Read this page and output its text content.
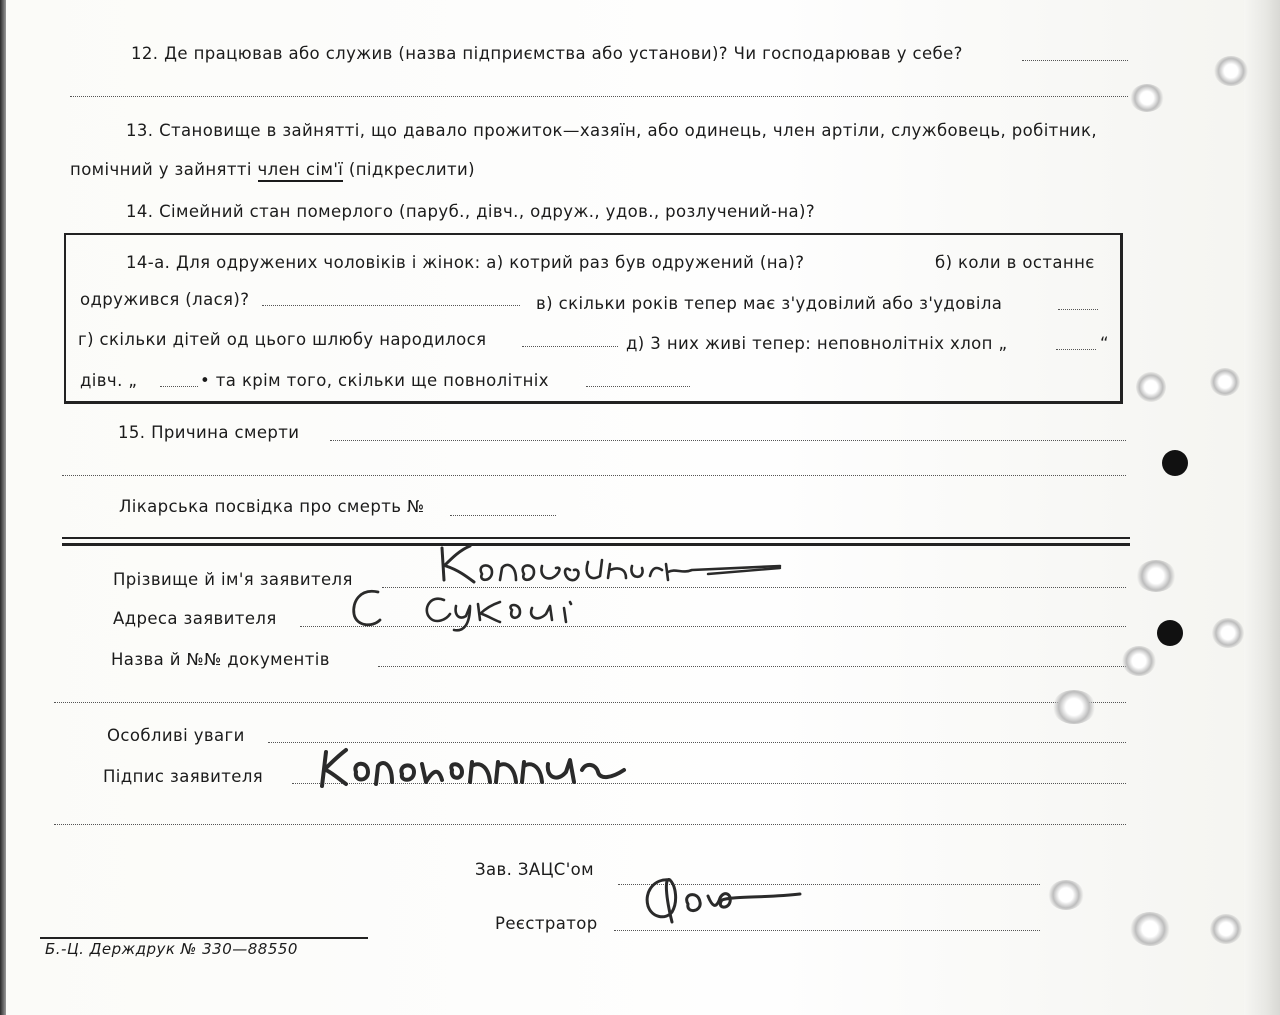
12. Де працював або служив (назва підприємства або установи)? Чи господарював у себе?
13. Становище в зайнятті, що давало прожиток—хазяїн, або одинець, член артіли, службовець, робітник,
помічний у зайнятті член сім'ї (підкреслити)
14. Сімейний стан померлого (паруб., дівч., одруж., удов., розлучений-на)?
14-а. Для одружених чоловіків і жінок: а) котрий раз був одружений (на)?	б) коли в останнє
одружився (лася)?	в) скільки років тепер має з'удовілий або з'удовіла
г) скільки дітей од цього шлюбу народилося	д) 3 них живі тепер: неповнолітніх хлоп „	“
дівч. „	• та крім того, скільки ще повнолітніх
15. Причина смерти
Лікарська посвідка про смерть №
Прізвище й ім'я заявителя
Адреса заявителя
Назва й №№ документів
Особливі уваги
Підпис заявителя
Зав. ЗАЦС'ом
Реєстратор
Б.-Ц. Держдрук № 330—88550
